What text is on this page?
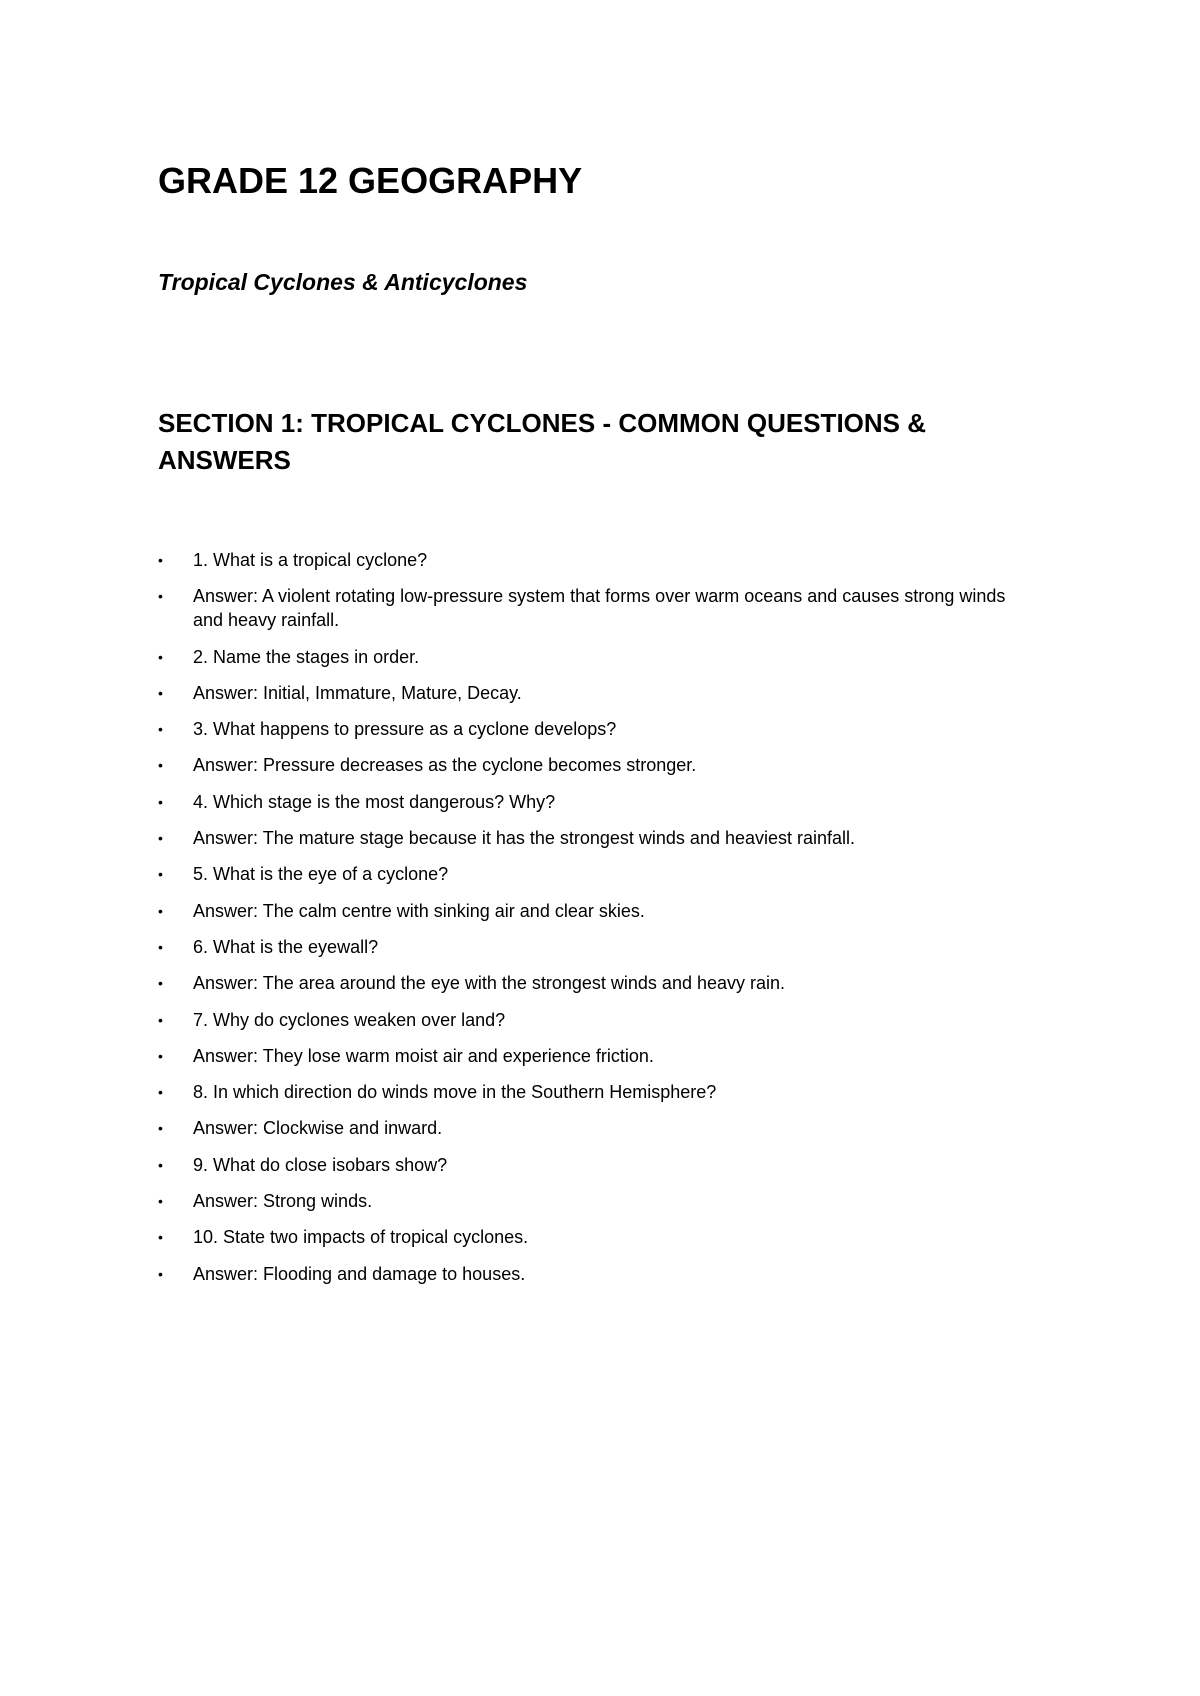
GRADE 12 GEOGRAPHY
Tropical Cyclones & Anticyclones
SECTION 1: TROPICAL CYCLONES - COMMON QUESTIONS & ANSWERS
•	1. What is a tropical cyclone?
•	Answer: A violent rotating low-pressure system that forms over warm oceans and causes strong winds and heavy rainfall.
•	2. Name the stages in order.
•	Answer: Initial, Immature, Mature, Decay.
•	3. What happens to pressure as a cyclone develops?
•	Answer: Pressure decreases as the cyclone becomes stronger.
•	4. Which stage is the most dangerous? Why?
•	Answer: The mature stage because it has the strongest winds and heaviest rainfall.
•	5. What is the eye of a cyclone?
•	Answer: The calm centre with sinking air and clear skies.
•	6. What is the eyewall?
•	Answer: The area around the eye with the strongest winds and heavy rain.
•	7. Why do cyclones weaken over land?
•	Answer: They lose warm moist air and experience friction.
•	8. In which direction do winds move in the Southern Hemisphere?
•	Answer: Clockwise and inward.
•	9. What do close isobars show?
•	Answer: Strong winds.
•	10. State two impacts of tropical cyclones.
•	Answer: Flooding and damage to houses.
